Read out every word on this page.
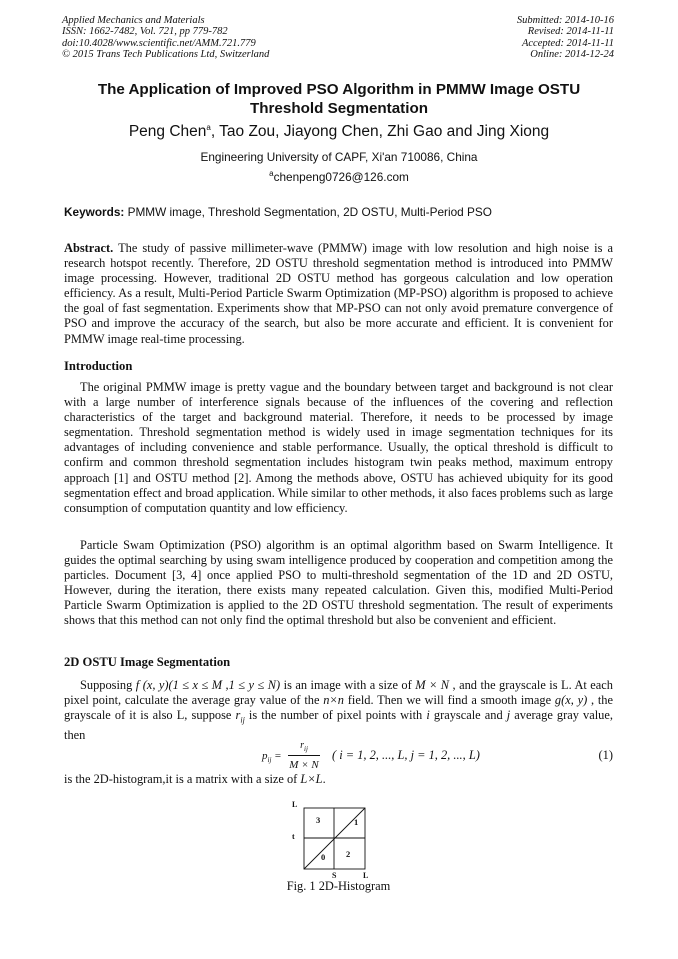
Applied Mechanics and Materials
ISSN: 1662-7482, Vol. 721, pp 779-782
doi:10.4028/www.scientific.net/AMM.721.779
© 2015 Trans Tech Publications Ltd, Switzerland
Submitted: 2014-10-16
Revised: 2014-11-11
Accepted: 2014-11-11
Online: 2014-12-24
The Application of Improved PSO Algorithm in PMMW Image OSTU
Threshold Segmentation
Peng Chen$^a$, Tao Zou, Jiayong Chen, Zhi Gao and Jing Xiong
Engineering University of CAPF, Xi'an 710086, China
$^a$chenpeng0726@126.com
Keywords: PMMW image, Threshold Segmentation, 2D OSTU, Multi-Period PSO
Abstract. The study of passive millimeter-wave (PMMW) image with low resolution and high noise is a research hotspot recently. Therefore, 2D OSTU threshold segmentation method is introduced into PMMW image processing. However, traditional 2D OSTU method has gorgeous calculation and low operation efficiency. As a result, Multi-Period Particle Swarm Optimization (MP-PSO) algorithm is proposed to achieve the goal of fast segmentation. Experiments show that MP-PSO can not only avoid premature convergence of PSO and improve the accuracy of the search, but also be more accurate and efficient. It is convenient for PMMW image real-time processing.
Introduction
The original PMMW image is pretty vague and the boundary between target and background is not clear with a large number of interference signals because of the influences of the covering and reflection characteristics of the target and background material. Therefore, it needs to be processed by image segmentation. Threshold segmentation method is widely used in image segmentation techniques for its advantages of including convenience and stable performance. Usually, the optical threshold is difficult to confirm and common threshold segmentation includes histogram twin peaks method, maximum entropy approach [1] and OSTU method [2]. Among the methods above, OSTU has achieved ubiquity for its good segmentation effect and broad application. While similar to other methods, it also faces problems such as large consumption of computation quantity and low efficiency.
Particle Swam Optimization (PSO) algorithm is an optimal algorithm based on Swarm Intelligence. It guides the optimal searching by using swam intelligence produced by cooperation and competition among the particles. Document [3, 4] once applied PSO to multi-threshold segmentation of the 1D and 2D OSTU, However, during the iteration, there exists many repeated calculation. Given this, modified Multi-Period Particle Swarm Optimization is applied to the 2D OSTU threshold segmentation. The result of experiments shows that this method can not only find the optimal threshold but also be convenient and efficient.
2D OSTU Image Segmentation
Supposing f (x, y)(1 ≤ x ≤ M ,1 ≤ y ≤ N) is an image with a size of M × N , and the grayscale is L. At each pixel point, calculate the average gray value of the n×n field. Then we will find a smooth image g(x, y) , the grayscale of it is also L, suppose $r_{ij}$ is the number of pixel points with i grayscale and j average gray value, then
$p_{ij}$ =
$r_{ij}$
M × N
( i = 1, 2, ..., L, j = 1, 2, ..., L)	(1)
is the 2D-histogram,it is a matrix with a size of L×L.
L
t
S	L
3	1
0 2
Fig. 1 2D-Histogram
